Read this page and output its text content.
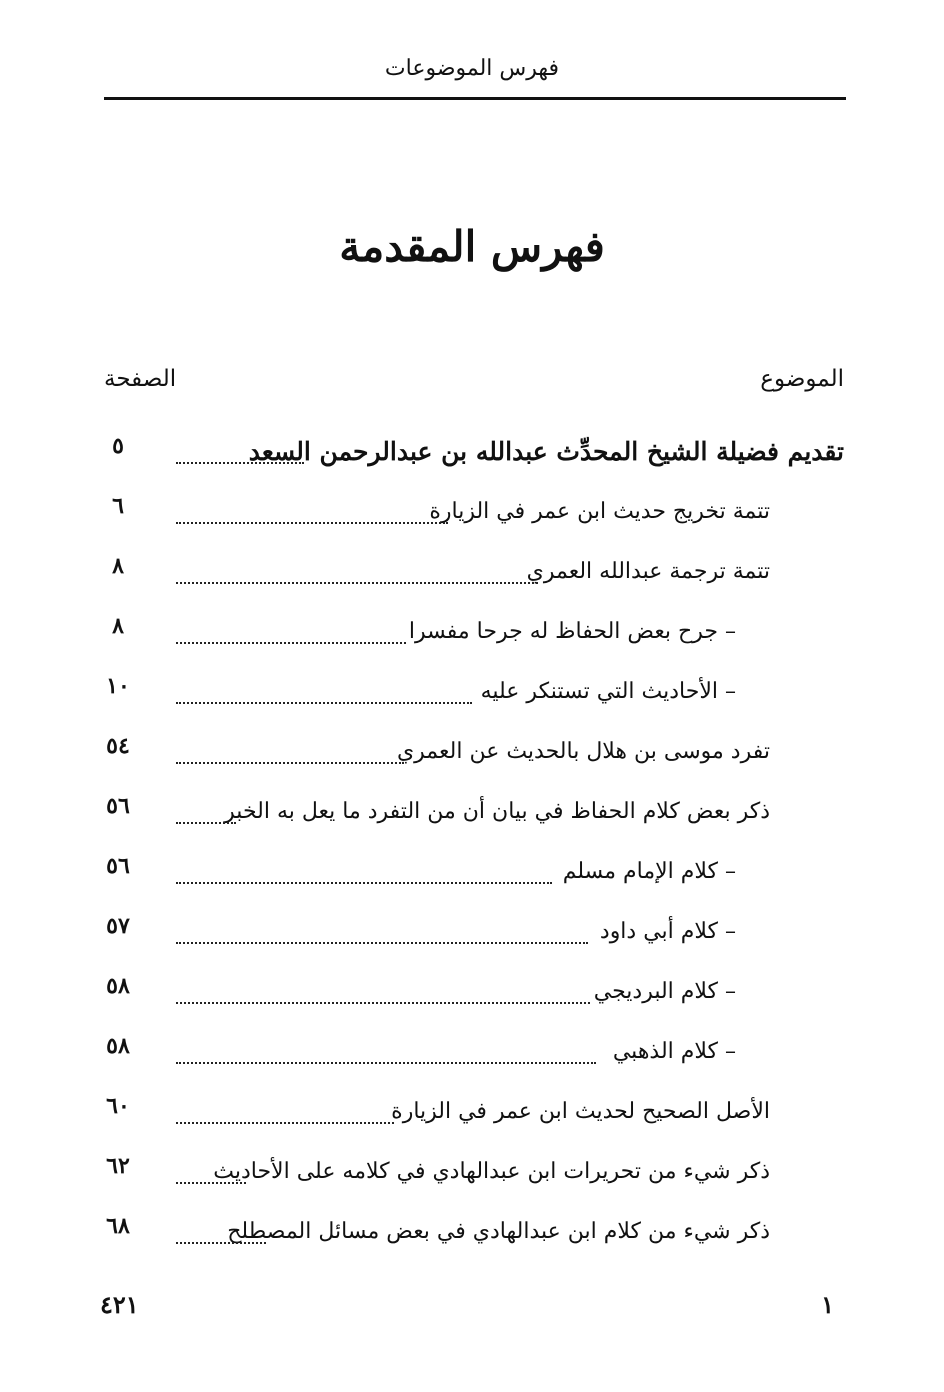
فهرس الموضوعات
فهرس المقدمة
الموضوع
الصفحة
تقديم فضيلة الشيخ المحدِّث عبدالله بن عبدالرحمن السعد
٥
تتمة تخريج حديث ابن عمر في الزيارة
٦
تتمة ترجمة عبدالله العمري
٨
– جرح بعض الحفاظ له جرحا مفسرا
٨
– الأحاديث التي تستنكر عليه
١٠
تفرد موسى بن هلال بالحديث عن العمري
٥٤
ذكر بعض كلام الحفاظ في بيان أن من التفرد ما يعل به الخبر
٥٦
– كلام الإمام مسلم
٥٦
– كلام أبي داود
٥٧
– كلام البرديجي
٥٨
– كلام الذهبي
٥٨
الأصل الصحيح لحديث ابن عمر في الزيارة
٦٠
ذكر شيء من تحريرات ابن عبدالهادي في كلامه على الأحاديث
٦٢
ذكر شيء من كلام ابن عبدالهادي في بعض مسائل المصطلح
٦٨
٤٢١	١
